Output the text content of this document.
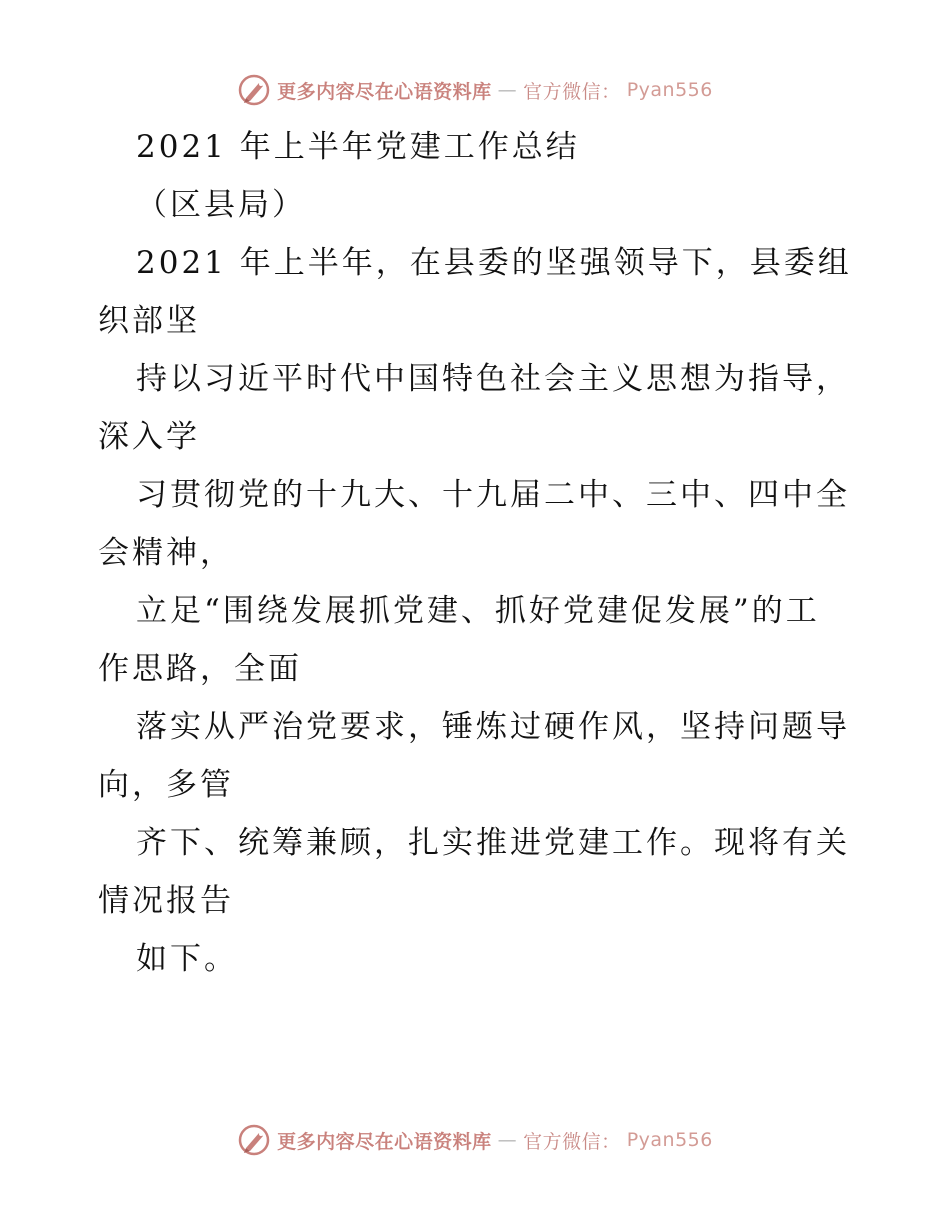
更多内容尽在心语资料库 — 官方微信： Pyan556
2021 年上半年党建工作总结
（区县局）
2021 年上半年，在县委的坚强领导下，县委组
织部坚
持以习近平时代中国特色社会主义思想为指导，
深入学
习贯彻党的十九大、十九届二中、三中、四中全
会精神，
立足“围绕发展抓党建、抓好党建促发展”的工
作思路，全面
落实从严治党要求，锤炼过硬作风，坚持问题导
向，多管
齐下、统筹兼顾，扎实推进党建工作。现将有关
情况报告
如下。
更多内容尽在心语资料库 — 官方微信： Pyan556
